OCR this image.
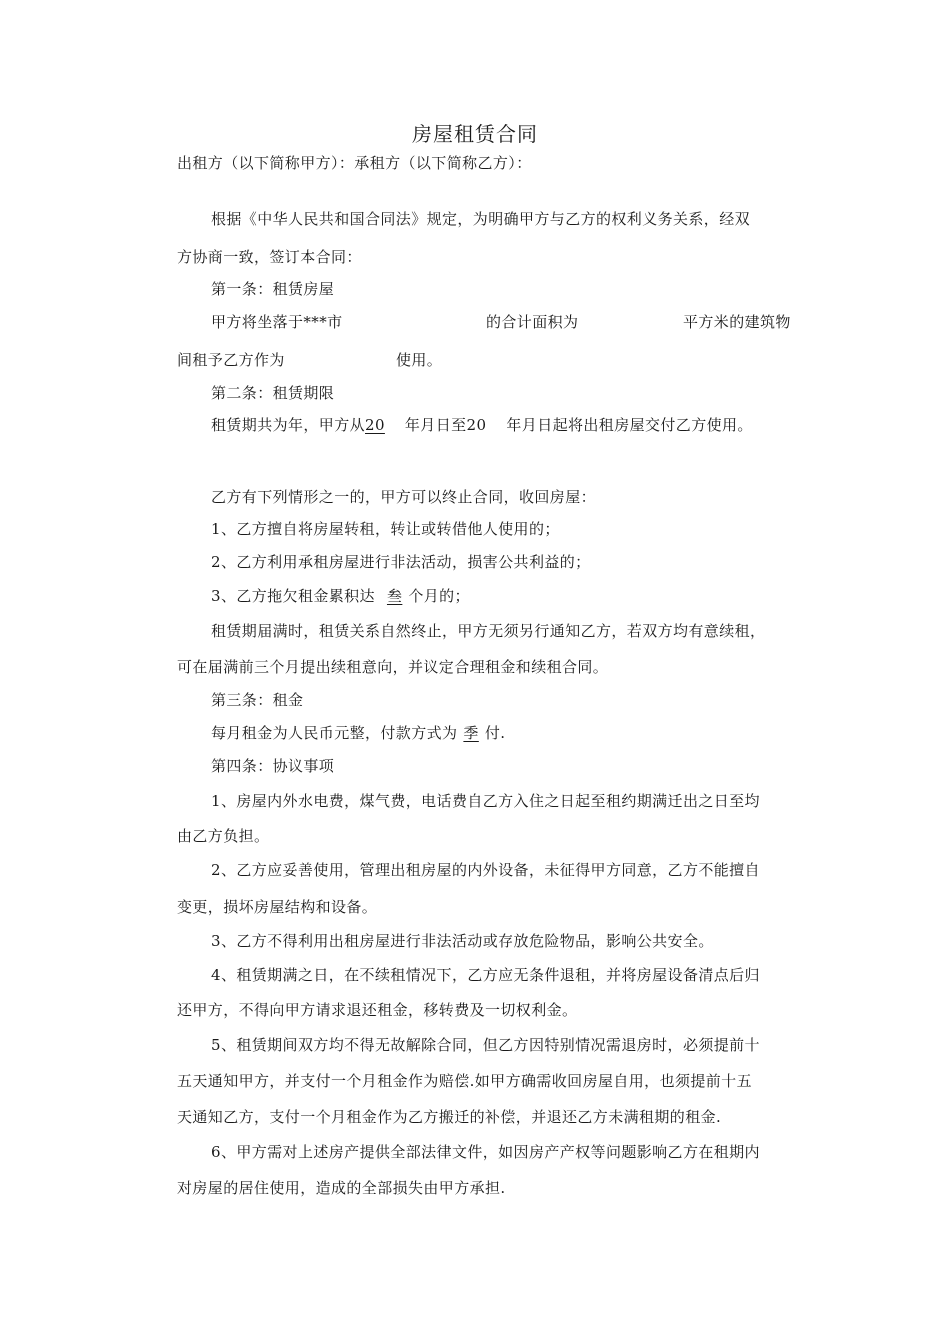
房屋租赁合同
出租方（以下简称甲方）：承租方（以下简称乙方）：
根据《中华人民共和国合同法》规定，为明确甲方与乙方的权利义务关系，经双
方协商一致，签订本合同：
第一条：租赁房屋
甲方将坐落于***市	的合计面积为	平方米的建筑物
间租予乙方作为	使用。
第二条：租赁期限
租赁期共为年，甲方从20 年月日至20 年月日起将出租房屋交付乙方使用。
乙方有下列情形之一的，甲方可以终止合同，收回房屋：
1、乙方擅自将房屋转租，转让或转借他人使用的；
2、乙方利用承租房屋进行非法活动，损害公共利益的；
3、乙方拖欠租金累积达 叁 个月的；
租赁期届满时，租赁关系自然终止，甲方无须另行通知乙方，若双方均有意续租，
可在届满前三个月提出续租意向，并议定合理租金和续租合同。
第三条：租金
每月租金为人民币元整，付款方式为 季 付.
第四条：协议事项
1、房屋内外水电费，煤气费，电话费自乙方入住之日起至租约期满迁出之日至均
由乙方负担。
2、乙方应妥善使用，管理出租房屋的内外设备，未征得甲方同意，乙方不能擅自
变更，损坏房屋结构和设备。
3、乙方不得利用出租房屋进行非法活动或存放危险物品，影响公共安全。
4、租赁期满之日，在不续租情况下，乙方应无条件退租，并将房屋设备清点后归
还甲方，不得向甲方请求退还租金，移转费及一切权利金。
5、租赁期间双方均不得无故解除合同，但乙方因特别情况需退房时，必须提前十
五天通知甲方，并支付一个月租金作为赔偿.如甲方确需收回房屋自用，也须提前十五
天通知乙方，支付一个月租金作为乙方搬迁的补偿，并退还乙方未满租期的租金.
6、甲方需对上述房产提供全部法律文件，如因房产产权等问题影响乙方在租期内
对房屋的居住使用，造成的全部损失由甲方承担.
